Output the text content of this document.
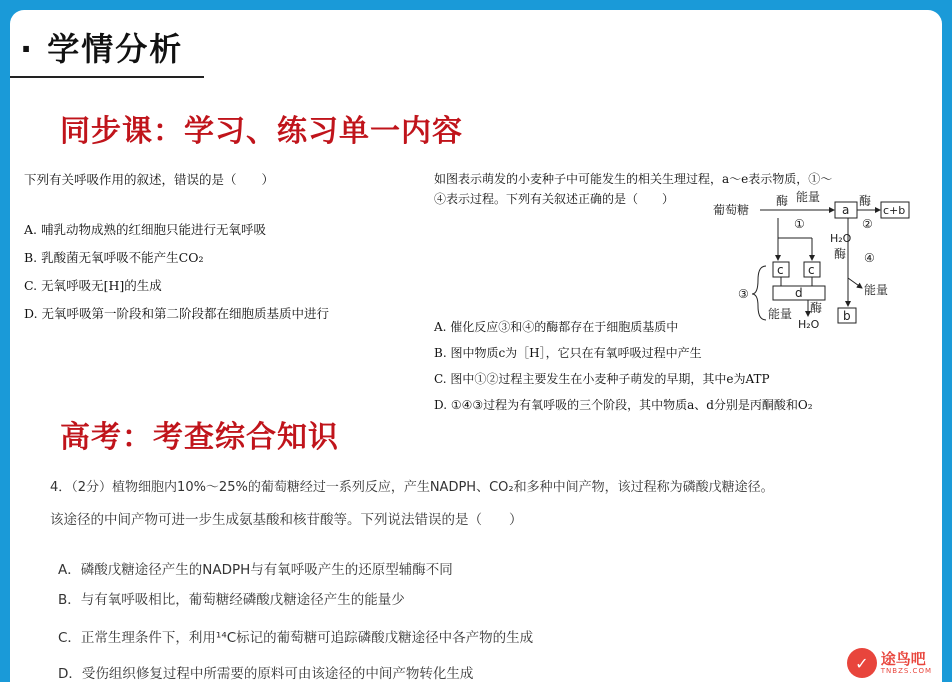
· 学情分析
同步课：学习、练习单一内容
下列有关呼吸作用的叙述，错误的是（　　）
A. 哺乳动物成熟的红细胞只能进行无氧呼吸
B. 乳酸菌无氧呼吸不能产生CO₂
C. 无氧呼吸无[H]的生成
D. 无氧呼吸第一阶段和第二阶段都在细胞质基质中进行
如图表示萌发的小麦种子中可能发生的相关生理过程，a～e表示物质，①～
④表示过程。下列有关叙述正确的是（　　）
葡萄糖
酶 能量
①
a
酶
②
c+b
H₂O
酶 ④
能量
b
c c
d
③
能量 酶
H₂O
A. 催化反应③和④的酶都存在于细胞质基质中
B. 图中物质c为［H］，它只在有氧呼吸过程中产生
C. 图中①②过程主要发生在小麦种子萌发的早期，其中e为ATP
D. ①④③过程为有氧呼吸的三个阶段，其中物质a、d分别是丙酮酸和O₂
高考：考查综合知识
4．（2分）植物细胞内10%～25%的葡萄糖经过一系列反应，产生NADPH、CO₂和多种中间产物，该过程称为磷酸戊糖途径。
该途径的中间产物可进一步生成氨基酸和核苷酸等。下列说法错误的是（　　）
A．磷酸戊糖途径产生的NADPH与有氧呼吸产生的还原型辅酶不同
B．与有氧呼吸相比，葡萄糖经磷酸戊糖途径产生的能量少
C．正常生理条件下，利用¹⁴C标记的葡萄糖可追踪磷酸戊糖途径中各产物的生成
D．受伤组织修复过程中所需要的原料可由该途径的中间产物转化生成
✓ 途鸟吧
TNBZS.COM
